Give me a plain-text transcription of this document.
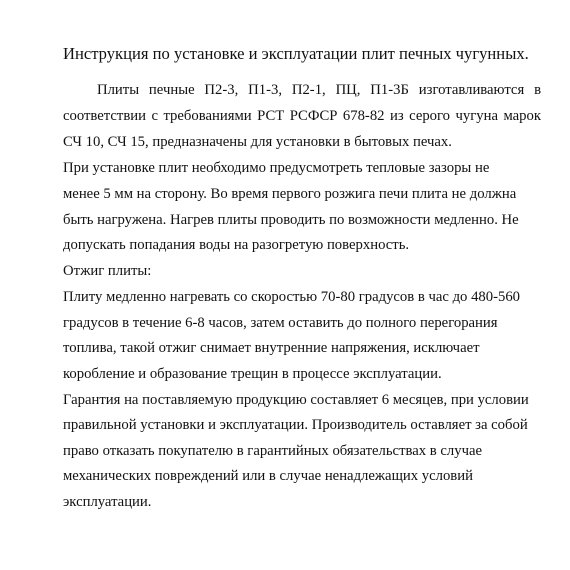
Инструкция по установке и эксплуатации плит печных чугунных.
Плиты печные П2-3, П1-3, П2-1, ПЦ, П1-3Б изготавливаются в
соответствии с требованиями РСТ РСФСР 678-82 из серого чугуна марок
СЧ 10, СЧ 15, предназначены для установки в бытовых печах.
При установке плит необходимо предусмотреть тепловые зазоры не
менее 5 мм на сторону. Во время первого розжига печи плита не должна
быть нагружена. Нагрев плиты проводить по возможности медленно. Не
допускать попадания воды на разогретую поверхность.
Отжиг плиты:
Плиту медленно нагревать со скоростью 70-80 градусов в час до 480-560
градусов в течение 6-8 часов, затем оставить до полного перегорания
топлива, такой отжиг снимает внутренние напряжения, исключает
коробление и образование трещин в процессе эксплуатации.
Гарантия на поставляемую продукцию составляет 6 месяцев, при условии
правильной установки и эксплуатации. Производитель оставляет за собой
право отказать покупателю в гарантийных обязательствах в случае
механических повреждений или в случае ненадлежащих условий
эксплуатации.
